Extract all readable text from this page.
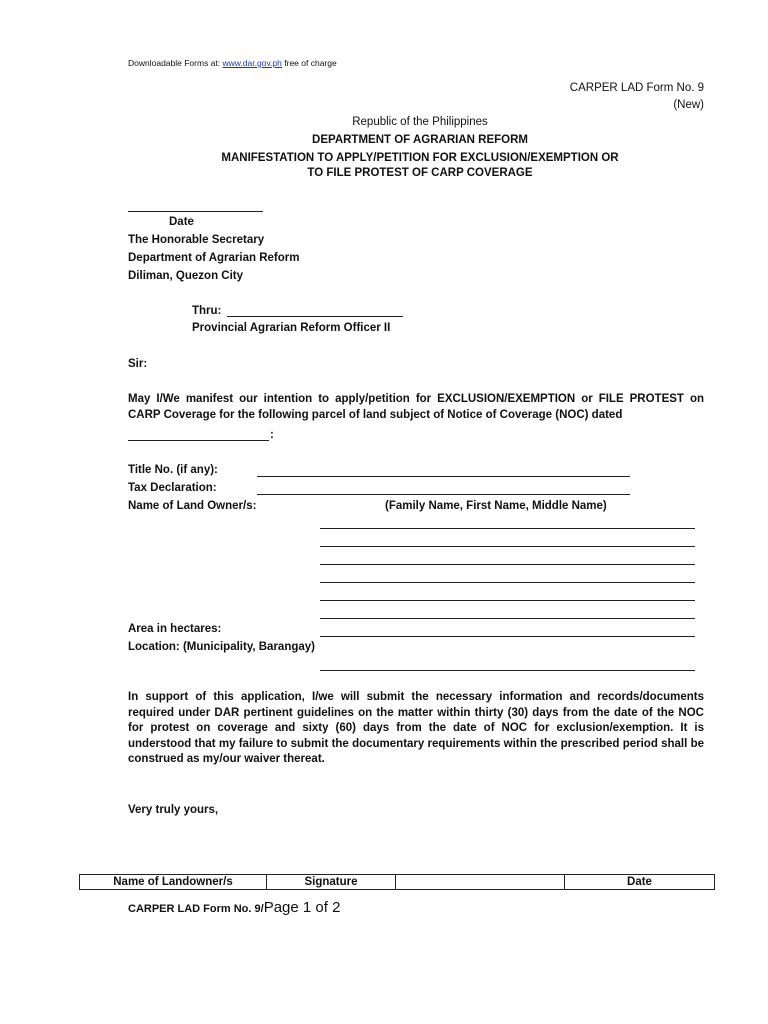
Downloadable Forms at: www.dar.gov.ph free of charge
CARPER LAD Form No. 9
(New)
Republic of the Philippines
DEPARTMENT OF AGRARIAN REFORM
MANIFESTATION TO APPLY/PETITION FOR EXCLUSION/EXEMPTION OR
TO FILE PROTEST OF CARP COVERAGE
Date
The Honorable Secretary
Department of Agrarian Reform
Diliman, Quezon City
Thru:
Provincial Agrarian Reform Officer II
Sir:
May I/We manifest our intention to apply/petition for EXCLUSION/EXEMPTION or FILE PROTEST on CARP Coverage for the following parcel of land subject of Notice of Coverage (NOC) dated
:
Title No. (if any):
Tax Declaration:
Name of Land Owner/s:	(Family Name, First Name, Middle Name)
Area in hectares:
Location: (Municipality, Barangay)
In support of this application, I/we will submit the necessary information and records/documents required under DAR pertinent guidelines on the matter within thirty (30) days from the date of the NOC for protest on coverage and sixty (60) days from the date of NOC for exclusion/exemption. It is understood that my failure to submit the documentary requirements within the prescribed period shall be construed as my/our waiver thereat.
Very truly yours,
Name of Landowner/s	Signature		Date
CARPER LAD Form No. 9/Page 1 of 2
